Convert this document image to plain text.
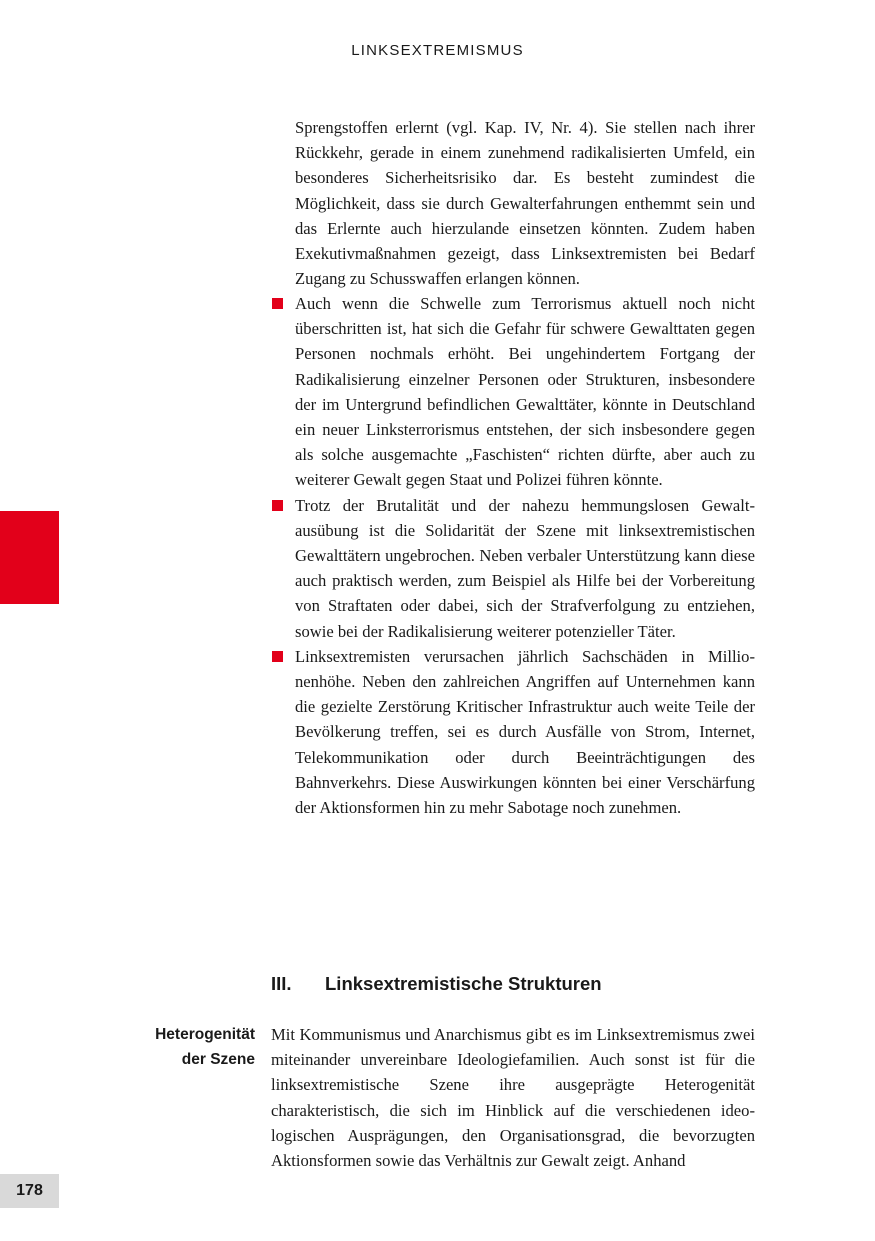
LINKSEXTREMISMUS
178

Sprengstoffen erlernt (vgl. Kap. IV, Nr. 4). Sie stellen nach ihrer Rückkehr, gerade in einem zunehmend radikalisierten Umfeld, ein besonderes Sicherheitsrisiko dar. Es besteht zumindest die Möglichkeit, dass sie durch Gewalterfahrungen enthemmt sein und das Erlernte auch hierzulande einsetzen könnten. Zudem haben Exekutivmaßnahmen gezeigt, dass Linksextremisten bei Bedarf Zugang zu Schusswaffen erlangen können.

Auch wenn die Schwelle zum Terrorismus aktuell noch nicht überschritten ist, hat sich die Gefahr für schwere Gewalttaten gegen Personen nochmals erhöht. Bei ungehindertem Fortgang der Radikalisierung einzelner Personen oder Strukturen, insbesondere der im Untergrund befindlichen Gewalttäter, könnte in Deutschland ein neuer Linksterrorismus entstehen, der sich insbesondere gegen als solche ausgemachte „Faschisten“ richten dürfte, aber auch zu weiterer Gewalt gegen Staat und Polizei führen könnte.
Trotz der Brutalität und der nahezu hemmungslosen Gewaltausübung ist die Solidarität der Szene mit linksextremistischen Gewalttätern ungebrochen. Neben verbaler Unterstützung kann diese auch praktisch werden, zum Beispiel als Hilfe bei der Vorbereitung von Straftaten oder dabei, sich der Strafverfolgung zu entziehen, sowie bei der Radikalisierung weiterer potenzieller Täter.
Linksextremisten verursachen jährlich Sachschäden in Millionenhöhe. Neben den zahlreichen Angriffen auf Unternehmen kann die gezielte Zerstörung Kritischer Infrastruktur auch weite Teile der Bevölkerung treffen, sei es durch Ausfälle von Strom, Internet, Telekommunikation oder durch Beeinträchtigungen des Bahnverkehrs. Diese Auswirkungen könnten bei einer Verschärfung der Aktionsformen hin zu mehr Sabotage noch zunehmen.
III.	Linksextremistische Strukturen

Heterogenität
der Szene

Mit Kommunismus und Anarchismus gibt es im Linksextremismus zwei miteinander unvereinbare Ideologiefamilien. Auch sonst ist für die linksextremistische Szene ihre ausgeprägte Heterogenität charakteristisch, die sich im Hinblick auf die verschiedenen ideologischen Ausprägungen, den Organisationsgrad, die bevorzugten Aktionsformen sowie das Verhältnis zur Gewalt zeigt. Anhand
